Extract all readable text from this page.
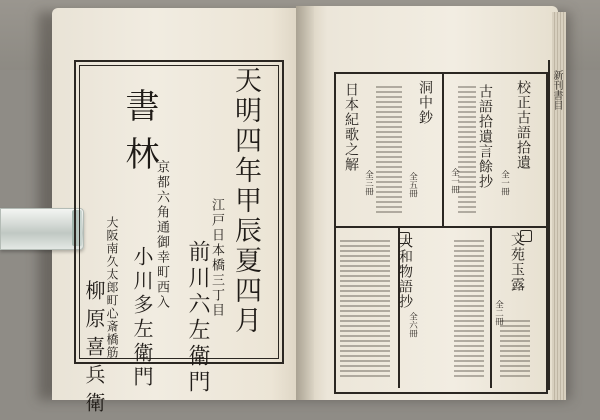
天明四年甲辰夏四月
書林
江戸日本橋三丁目
前川六左衛門
京都六角通御幸町西入
小川多左衛門
大阪南久太郎町心斎橋筋
柳原喜兵衛
新刊書目
校正古語拾遺
全一冊
古語拾遺言餘抄
全一冊
洞中鈔
全五冊
日本紀歌之解
全三冊
文苑玉露
全二冊
大和物語抄
全六冊
